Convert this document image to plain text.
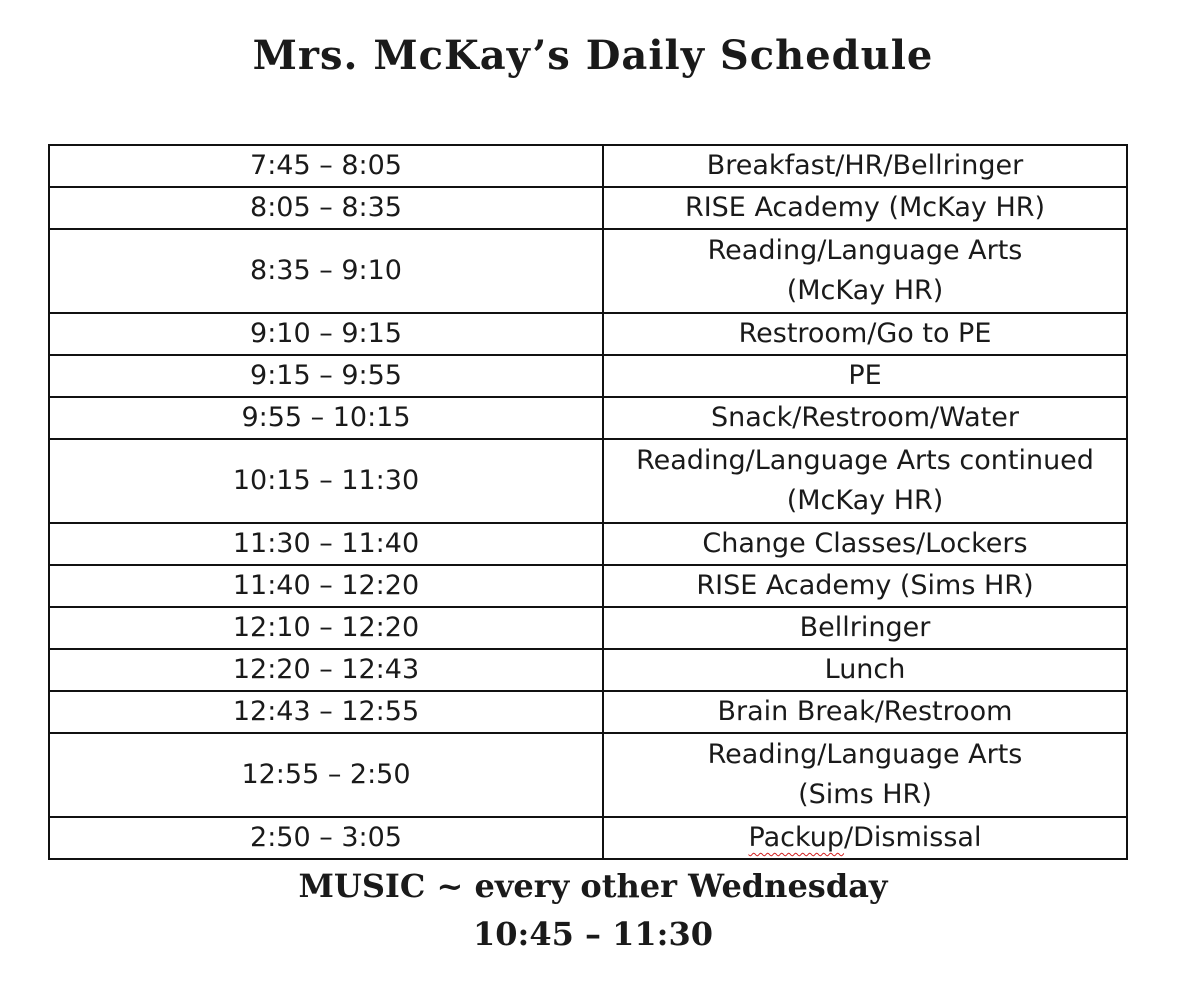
Mrs. McKay’s Daily Schedule
7:45 – 8:05	Breakfast/HR/Bellringer

8:05 – 8:35	RISE Academy (McKay HR)

8:35 – 9:10	Reading/Language Arts
(McKay HR)

9:10 – 9:15	Restroom/Go to PE

9:15 – 9:55	PE

9:55 – 10:15	Snack/Restroom/Water

10:15 – 11:30	Reading/Language Arts continued
(McKay HR)

11:30 – 11:40	Change Classes/Lockers

11:40 – 12:20	RISE Academy (Sims HR)

12:10 – 12:20	Bellringer

12:20 – 12:43	Lunch

12:43 – 12:55	Brain Break/Restroom

12:55 – 2:50	Reading/Language Arts
(Sims HR)

2:50 – 3:05	Packup/Dismissal
MUSIC ~ every other Wednesday
10:45 – 11:30
